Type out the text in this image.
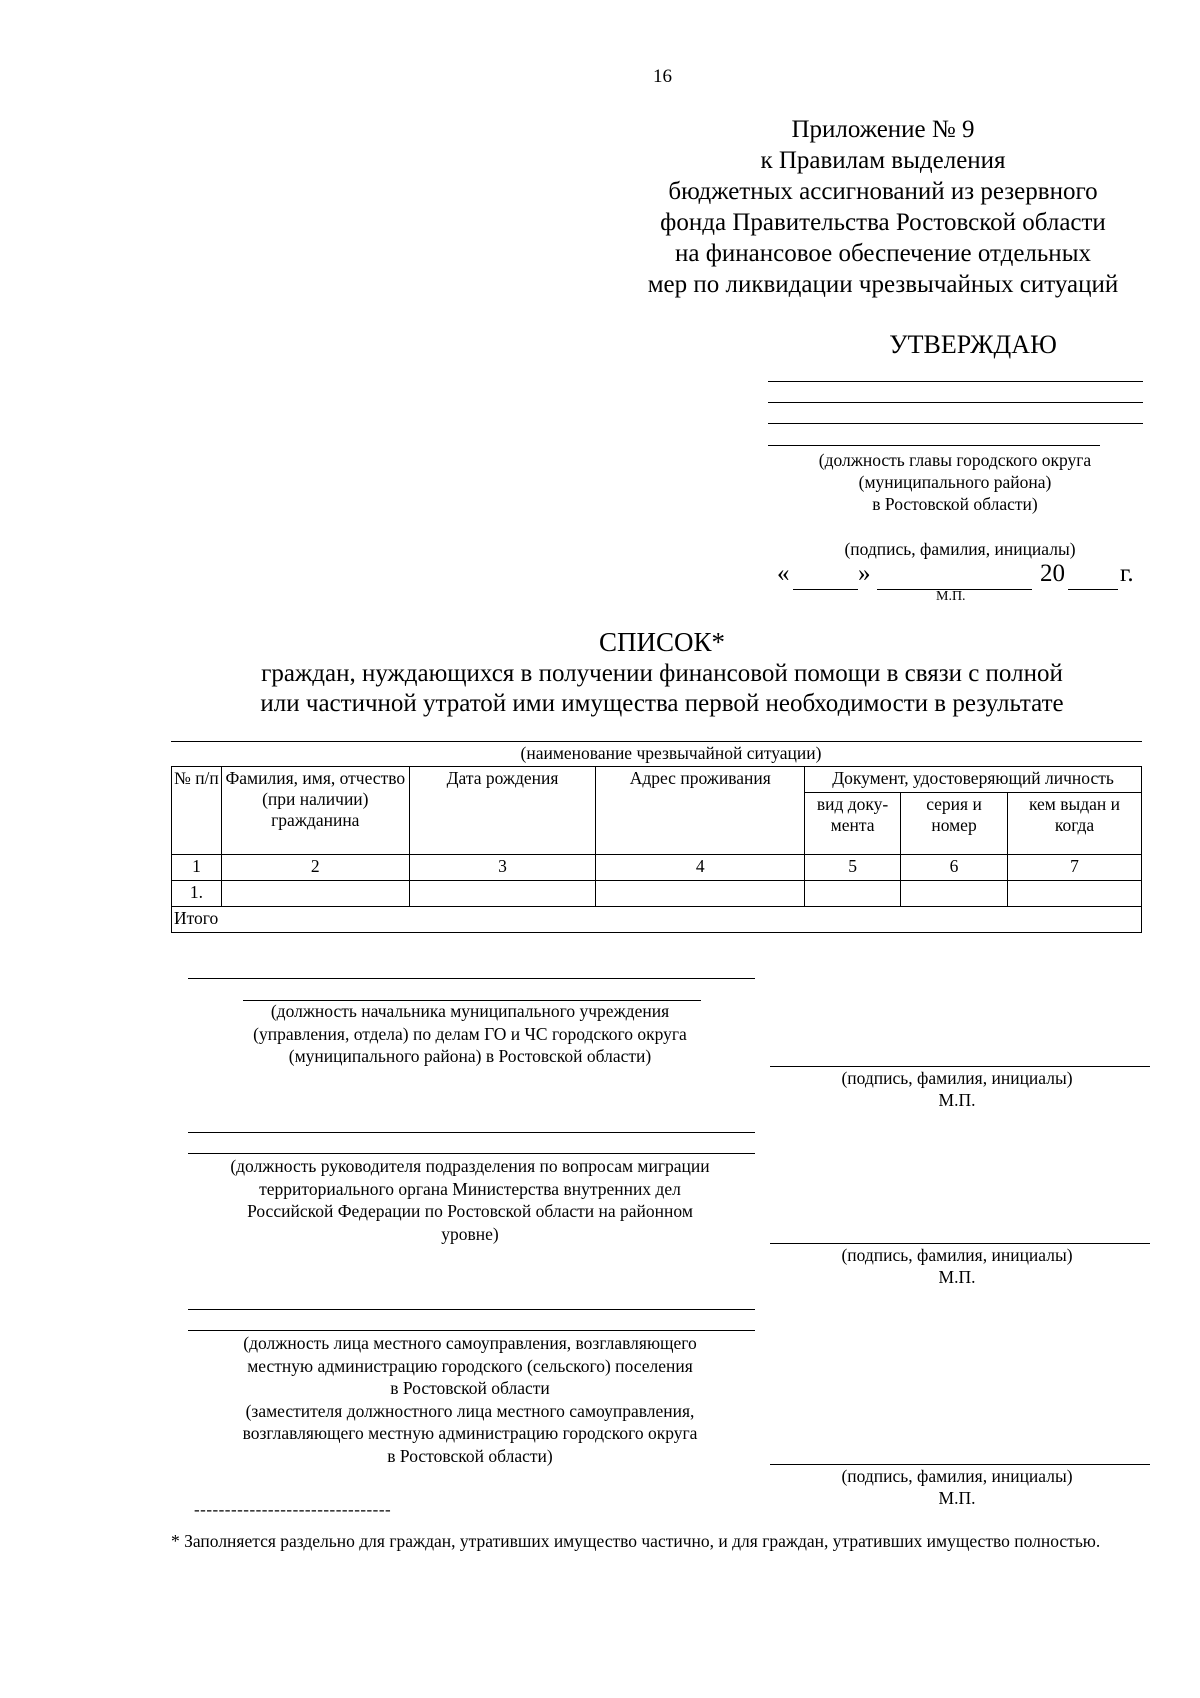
16
Приложение № 9
к Правилам выделения
бюджетных ассигнований из резервного
фонда Правительства Ростовской области
на финансовое обеспечение отдельных
мер по ликвидации чрезвычайных ситуаций
УТВЕРЖДАЮ
(должность главы городского округа
(муниципального района)
в Ростовской области)
(подпись, фамилия, инициалы)
«	»	20 г.
М.П.
СПИСОК*
граждан, нуждающихся в получении финансовой помощи в связи с полной
или частичной утратой ими имущества первой необходимости в результате
(наименование чрезвычайной ситуации)
№ п/п	Фамилия, имя, отчество (при наличии) гражданина	Дата рождения	Адрес проживания	Документ, удостоверяющий личность		
				вид доку- мента	серия и номер	кем выдан и когда
1	2	3	4	5	6	7
1.						
Итого						
(должность начальника муниципального учреждения
(управления, отдела) по делам ГО и ЧС городского округа
(муниципального района) в Ростовской области)
(подпись, фамилия, инициалы)
М.П.
(должность руководителя подразделения по вопросам миграции
территориального органа Министерства внутренних дел
Российской Федерации по Ростовской области на районном
уровне)
(подпись, фамилия, инициалы)
М.П.
(должность лица местного самоуправления, возглавляющего
местную администрацию городского (сельского) поселения
в Ростовской области
(заместителя должностного лица местного самоуправления,
возглавляющего местную администрацию городского округа
в Ростовской области)
(подпись, фамилия, инициалы)
М.П.
--------------------------------
* Заполняется раздельно для граждан, утративших имущество частично, и для граждан, утративших имущество полностью.
